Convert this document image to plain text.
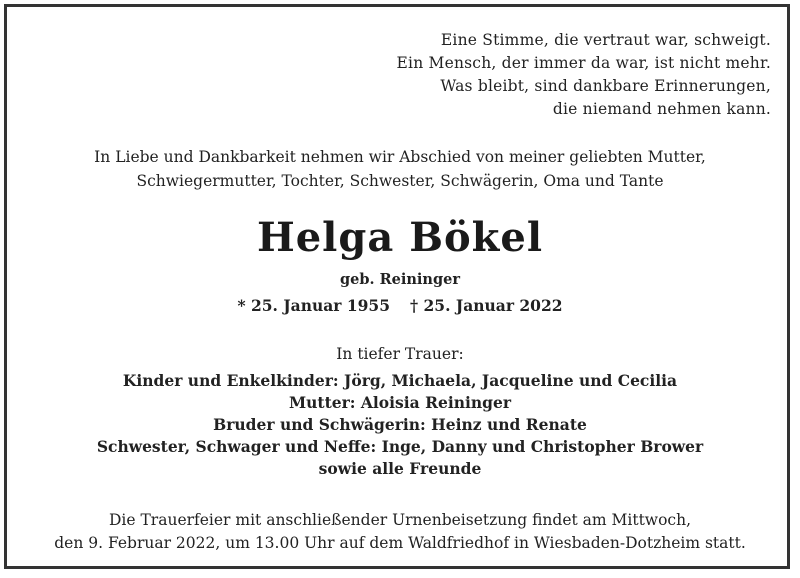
Eine Stimme, die vertraut war, schweigt.
Ein Mensch, der immer da war, ist nicht mehr.
Was bleibt, sind dankbare Erinnerungen,
die niemand nehmen kann.
In Liebe und Dankbarkeit nehmen wir Abschied von meiner geliebten Mutter,
Schwiegermutter, Tochter, Schwester, Schwägerin, Oma und Tante
Helga Bökel
geb. Reininger
* 25. Januar 1955 † 25. Januar 2022
In tiefer Trauer:
Kinder und Enkelkinder: Jörg, Michaela, Jacqueline und Cecilia
Mutter: Aloisia Reininger
Bruder und Schwägerin: Heinz und Renate
Schwester, Schwager und Neffe: Inge, Danny und Christopher Brower
sowie alle Freunde
Die Trauerfeier mit anschließender Urnenbeisetzung findet am Mittwoch,
den 9. Februar 2022, um 13.00 Uhr auf dem Waldfriedhof in Wiesbaden-Dotzheim statt.
